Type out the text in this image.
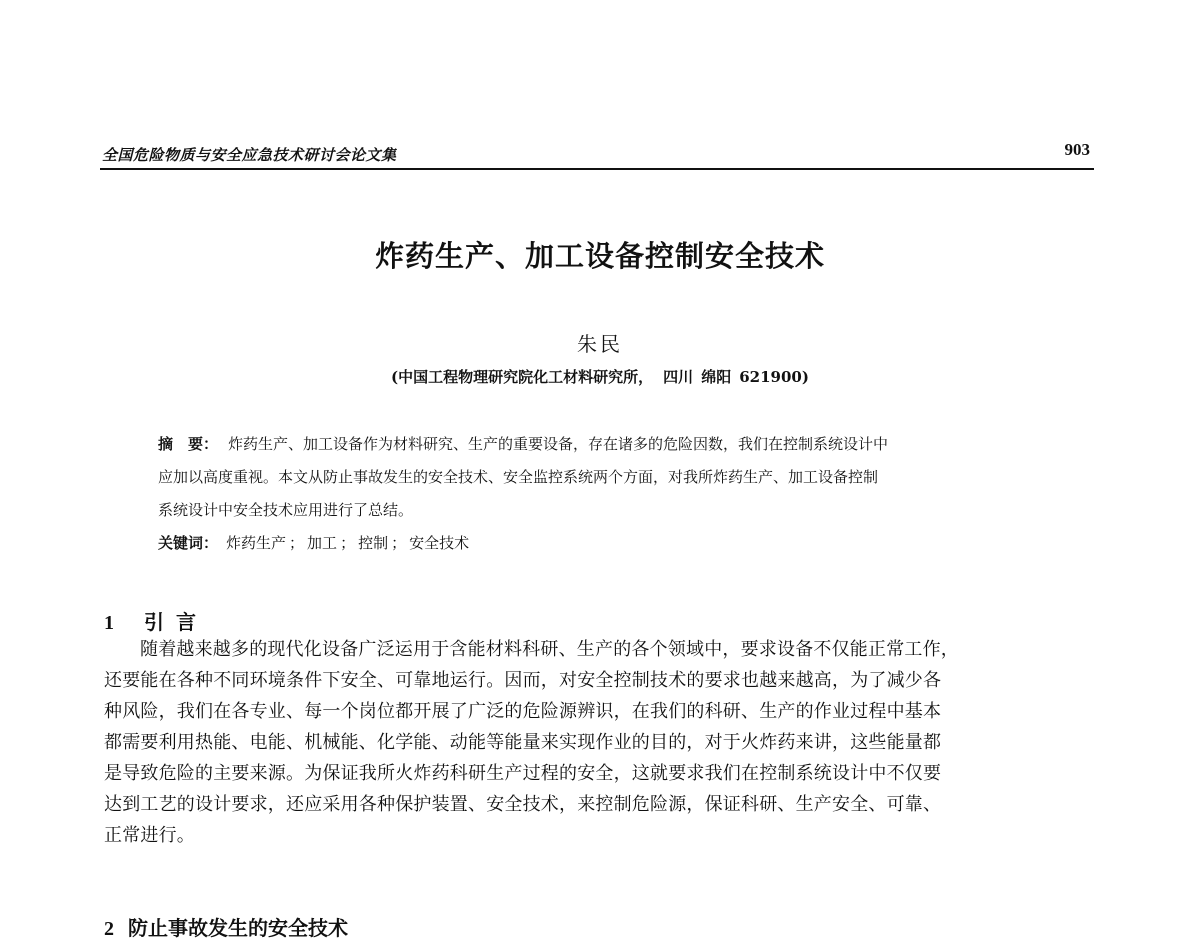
全国危险物质与安全应急技术研讨会论文集	903
炸药生产、加工设备控制安全技术
朱民
(中国工程物理研究院化工材料研究所， 四川 绵阳 621900)
摘　要： 炸药生产、加工设备作为材料研究、生产的重要设备，存在诸多的危险因数，我们在控制系统设计中
应加以高度重视。本文从防止事故发生的安全技术、安全监控系统两个方面，对我所炸药生产、加工设备控制
系统设计中安全技术应用进行了总结。
关键词： 炸药生产 ； 加工 ； 控制 ； 安全技术
1 引言
随着越来越多的现代化设备广泛运用于含能材料科研、生产的各个领域中，要求设备不仅能正常工作，
还要能在各种不同环境条件下安全、可靠地运行。因而，对安全控制技术的要求也越来越高，为了减少各
种风险，我们在各专业、每一个岗位都开展了广泛的危险源辨识，在我们的科研、生产的作业过程中基本
都需要利用热能、电能、机械能、化学能、动能等能量来实现作业的目的，对于火炸药来讲，这些能量都
是导致危险的主要来源。为保证我所火炸药科研生产过程的安全，这就要求我们在控制系统设计中不仅要
达到工艺的设计要求，还应采用各种保护装置、安全技术，来控制危险源，保证科研、生产安全、可靠、
正常进行。
2 防止事故发生的安全技术
